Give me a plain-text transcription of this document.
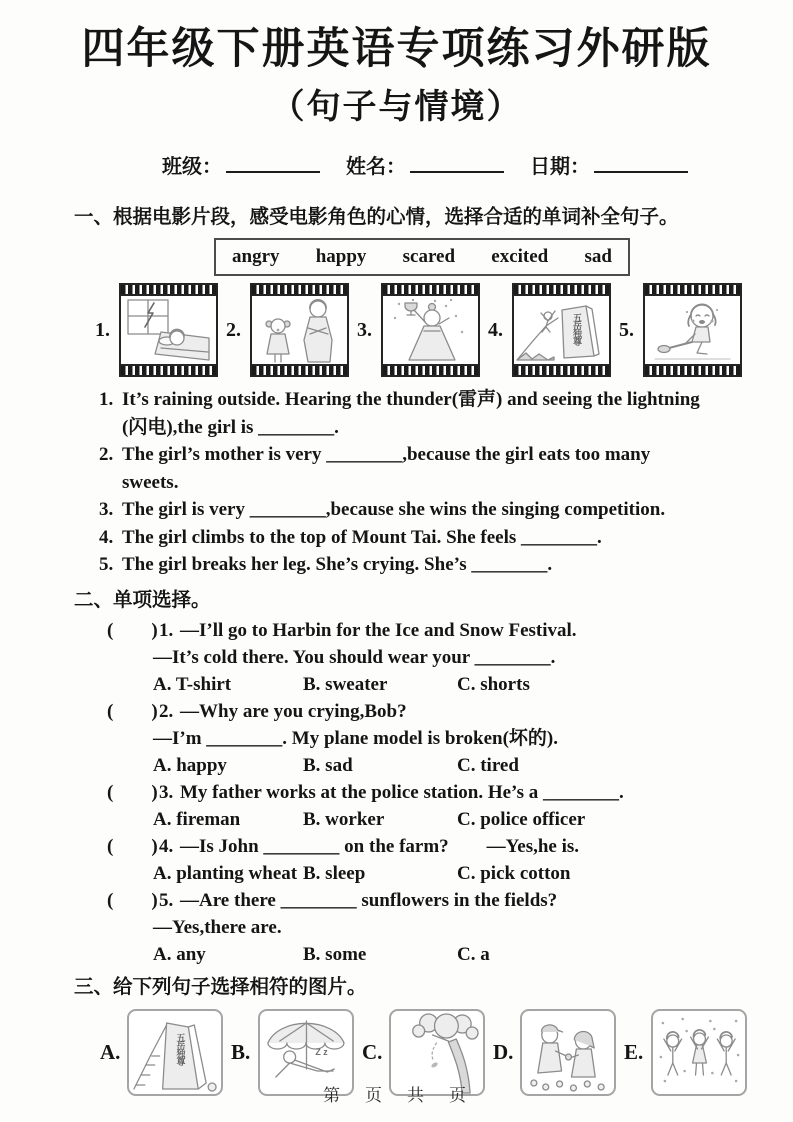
四年级下册英语专项练习外研版
（句子与情境）
班级：	姓名：	日期：
一、根据电影片段，感受电影角色的心情，选择合适的单词补全句子。
angry happy scared excited sad
1.	2.	3.	4.	五岳独尊 5.
1. It’s raining outside. Hearing the thunder(雷声) and seeing the lightning
(闪电),the girl is ________.
2. The girl’s mother is very ________,because the girl eats too many
sweets.
3. The girl is very ________,because she wins the singing competition.
4. The girl climbs to the top of Mount Tai. She feels ________.
5. The girl breaks her leg. She’s crying. She’s ________.
二、单项选择。
(　　)1. —I’ll go to Harbin for the Ice and Snow Festival.
—It’s cold there. You should wear your ________.
A. T-shirt	B. sweater	C. shorts
(　　)2. —Why are you crying,Bob?
—I’m ________. My plane model is broken(坏的).
A. happy	B. sad	C. tired
(　　)3. My father works at the police station. He’s a ________.
A. fireman	B. worker	C. police officer
(　　)4. —Is John ________ on the farm?　　—Yes,he is.
A. planting wheat B. sleep	C. pick cotton
(　　)5. —Are there ________ sunflowers in the fields?
—Yes,there are.
A. any	B. some	C. a
三、给下列句子选择相符的图片。
A.	五岳独尊 B.	Z z C.	D.	E.
第　页　共　页
